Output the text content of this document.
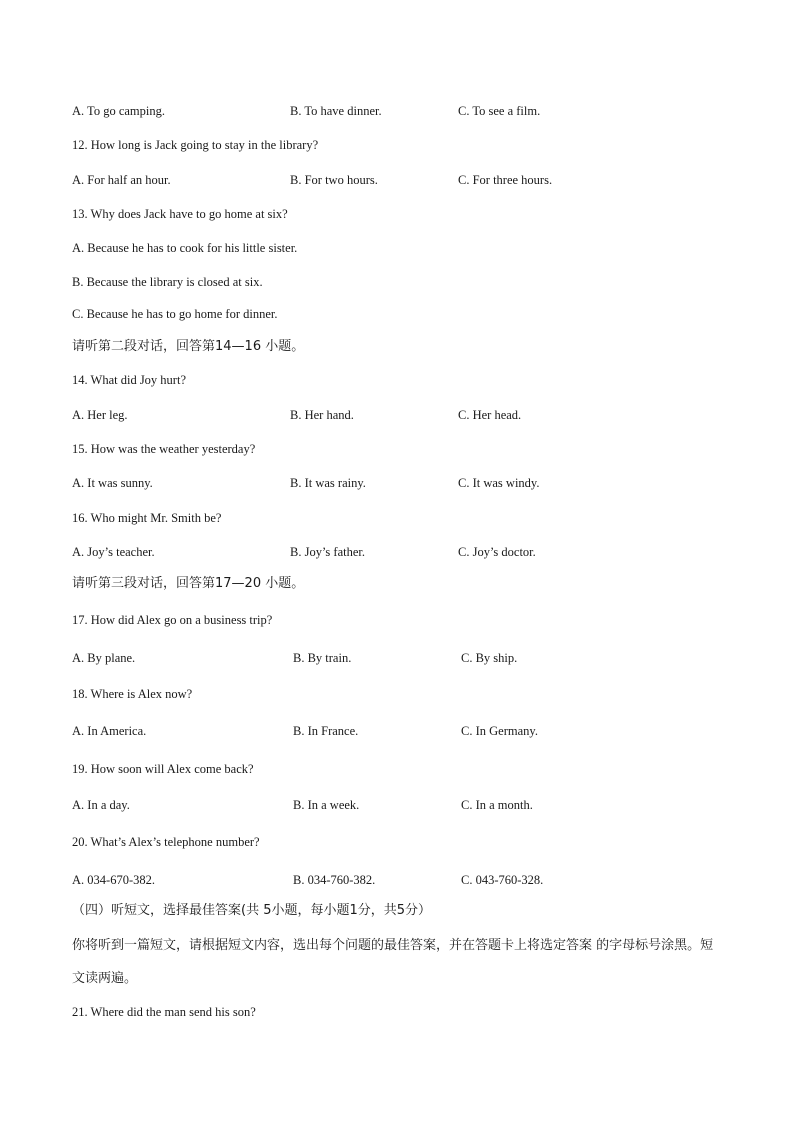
A. To go camping.	B. To have dinner.	C. To see a film.
12. How long is Jack going to stay in the library?
A. For half an hour.	B. For two hours.	C. For three hours.
13. Why does Jack have to go home at six?
A. Because he has to cook for his little sister.
B. Because the library is closed at six.
C. Because he has to go home for dinner.
请听第二段对话，回答第14—16 小题。
14. What did Joy hurt?
A. Her leg.	B. Her hand.	C. Her head.
15. How was the weather yesterday?
A. It was sunny.	B. It was rainy.	C. It was windy.
16. Who might Mr. Smith be?
A. Joy’s teacher.	B. Joy’s father.	C. Joy’s doctor.
请听第三段对话，回答第17—20 小题。
17. How did Alex go on a business trip?
A. By plane.	B. By train.	C. By ship.
18. Where is Alex now?
A. In America.	B. In France.	C. In Germany.
19. How soon will Alex come back?
A. In a day.	B. In a week.	C. In a month.
20. What’s Alex’s telephone number?
A. 034-670-382.	B. 034-760-382.	C. 043-760-328.
（四）听短文，选择最佳答案(共 5小题，每小题1分，共5分）
你将听到一篇短文，请根据短文内容，选出每个问题的最佳答案，并在答题卡上将选定答案 的字母标号涂黑。短文读两遍。
21. Where did the man send his son?
